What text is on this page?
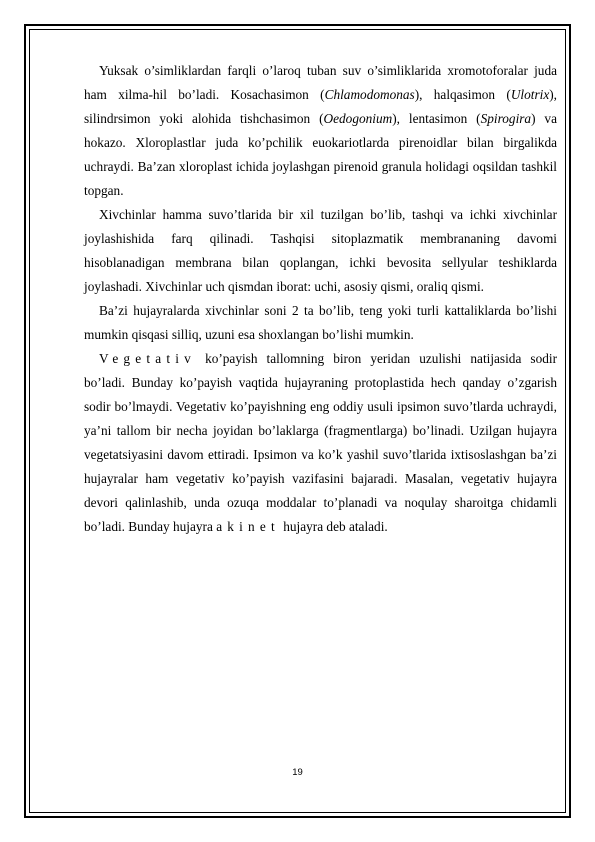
Yuksak o’simliklardan farqli o’laroq tuban suv o’simliklarida xromotoforalar juda ham xilma-hil bo’ladi. Kosachasimon (Chlamodomonas), halqasimon (Ulotrix), silindrsimon yoki alohida tishchasimon (Oedogonium), lentasimon (Spirogira) va hokazo. Xloroplastlar juda ko’pchilik euokariotlarda pirenoidlar bilan birgalikda uchraydi. Ba’zan xloroplast ichida joylashgan pirenoid granula holidagi oqsildan tashkil topgan.

Xivchinlar hamma suvo’tlarida bir xil tuzilgan bo’lib, tashqi va ichki xivchinlar joylashishida farq qilinadi. Tashqisi sitoplazmatik membrananing davomi hisoblanadigan membrana bilan qoplangan, ichki bevosita sellyular teshiklarda joylashadi. Xivchinlar uch qismdan iborat: uchi, asosiy qismi, oraliq qismi.

Ba’zi hujayralarda xivchinlar soni 2 ta bo’lib, teng yoki turli kattaliklarda bo’lishi mumkin qisqasi silliq, uzuni esa shoxlangan bo’lishi mumkin.

Vegetativ ko’payish tallomning biron yeridan uzulishi natijasida sodir bo’ladi. Bunday ko’payish vaqtida hujayraning protoplastida hech qanday o’zgarish sodir bo’lmaydi. Vegetativ ko’payishning eng oddiy usuli ipsimon suvo’tlarda uchraydi, ya’ni tallom bir necha joyidan bo’laklarga (fragmentlarga) bo’linadi. Uzilgan hujayra vegetatsiyasini davom ettiradi. Ipsimon va ko’k yashil suvo’tlarida ixtisoslashgan ba’zi hujayralar ham vegetativ ko’payish vazifasini bajaradi. Masalan, vegetativ hujayra devori qalinlashib, unda ozuqa moddalar to’planadi va noqulay sharoitga chidamli bo’ladi. Bunday hujayra akinet hujayra deb ataladi.

19
